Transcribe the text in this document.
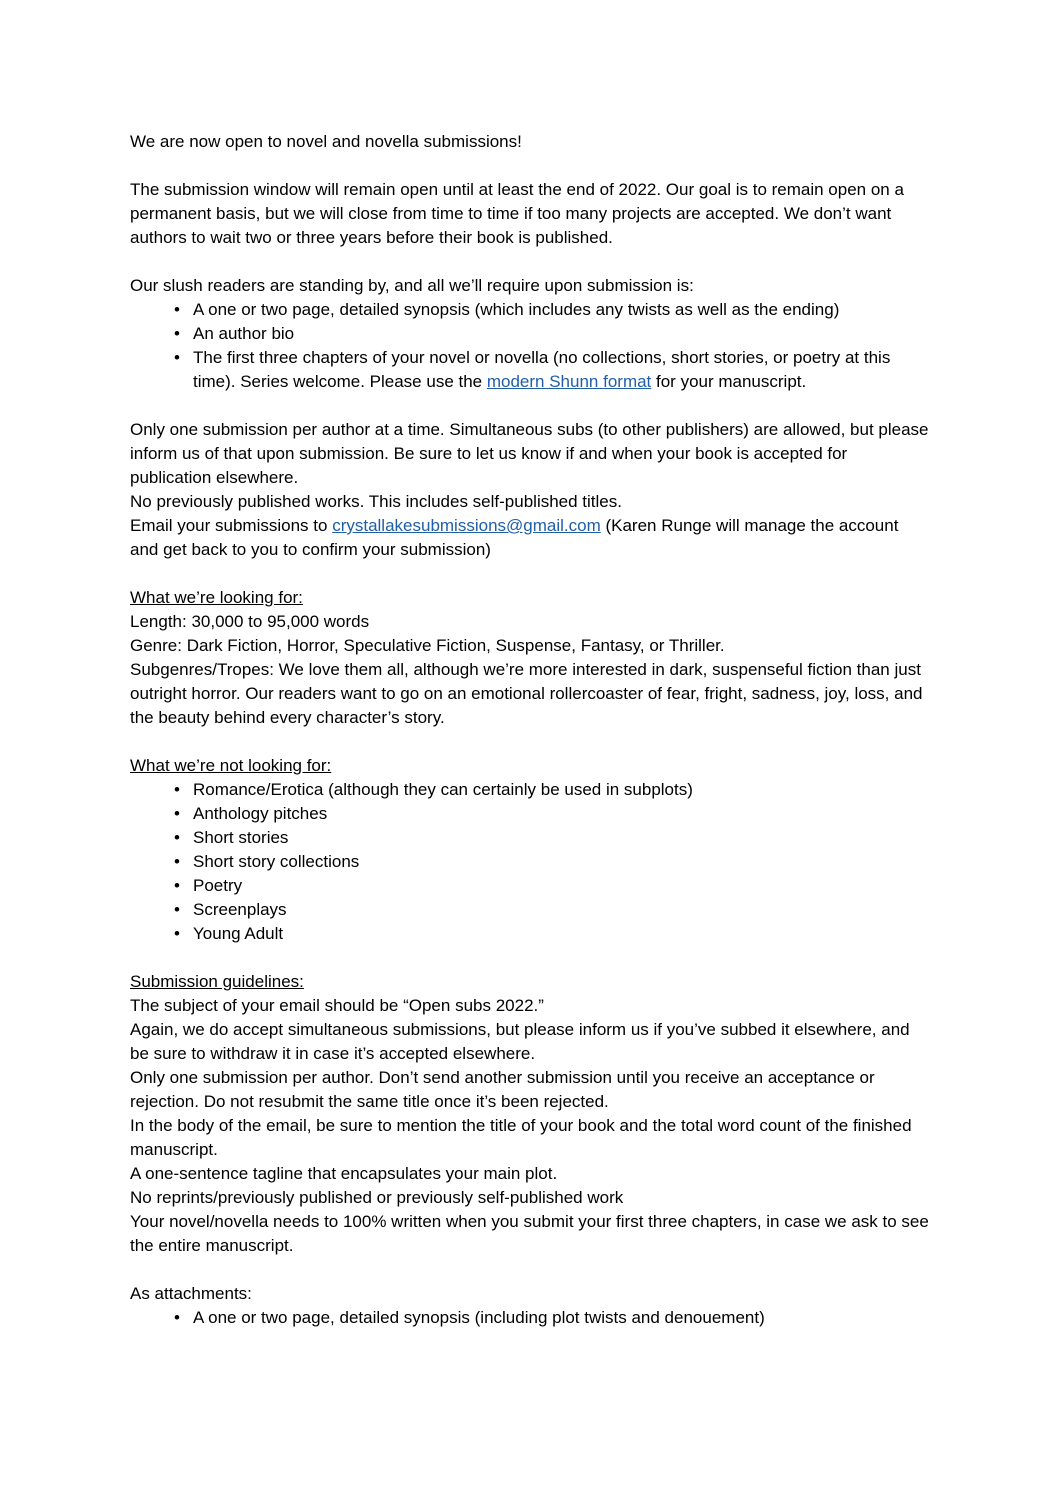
We are now open to novel and novella submissions!

The submission window will remain open until at least the end of 2022. Our goal is to remain open on a permanent basis, but we will close from time to time if too many projects are accepted. We don’t want authors to wait two or three years before their book is published.

Our slush readers are standing by, and all we’ll require upon submission is:

• A one or two page, detailed synopsis (which includes any twists as well as the ending)
• An author bio
• The first three chapters of your novel or novella (no collections, short stories, or poetry at this time). Series welcome. Please use the modern Shunn format for your manuscript.

Only one submission per author at a time. Simultaneous subs (to other publishers) are allowed, but please inform us of that upon submission. Be sure to let us know if and when your book is accepted for publication elsewhere.

No previously published works. This includes self-published titles.

Email your submissions to crystallakesubmissions@gmail.com (Karen Runge will manage the account and get back to you to confirm your submission)

What we’re looking for:

Length: 30,000 to 95,000 words

Genre: Dark Fiction, Horror, Speculative Fiction, Suspense, Fantasy, or Thriller.

Subgenres/Tropes: We love them all, although we’re more interested in dark, suspenseful fiction than just outright horror. Our readers want to go on an emotional rollercoaster of fear, fright, sadness, joy, loss, and the beauty behind every character’s story.

What we’re not looking for:

• Romance/Erotica (although they can certainly be used in subplots)
• Anthology pitches
• Short stories
• Short story collections
• Poetry
• Screenplays
• Young Adult

Submission guidelines:

The subject of your email should be “Open subs 2022.”

Again, we do accept simultaneous submissions, but please inform us if you’ve subbed it elsewhere, and be sure to withdraw it in case it’s accepted elsewhere.

Only one submission per author. Don’t send another submission until you receive an acceptance or rejection. Do not resubmit the same title once it’s been rejected.

In the body of the email, be sure to mention the title of your book and the total word count of the finished manuscript.

A one-sentence tagline that encapsulates your main plot.

No reprints/previously published or previously self-published work

Your novel/novella needs to 100% written when you submit your first three chapters, in case we ask to see the entire manuscript.

As attachments:

• A one or two page, detailed synopsis (including plot twists and denouement)
